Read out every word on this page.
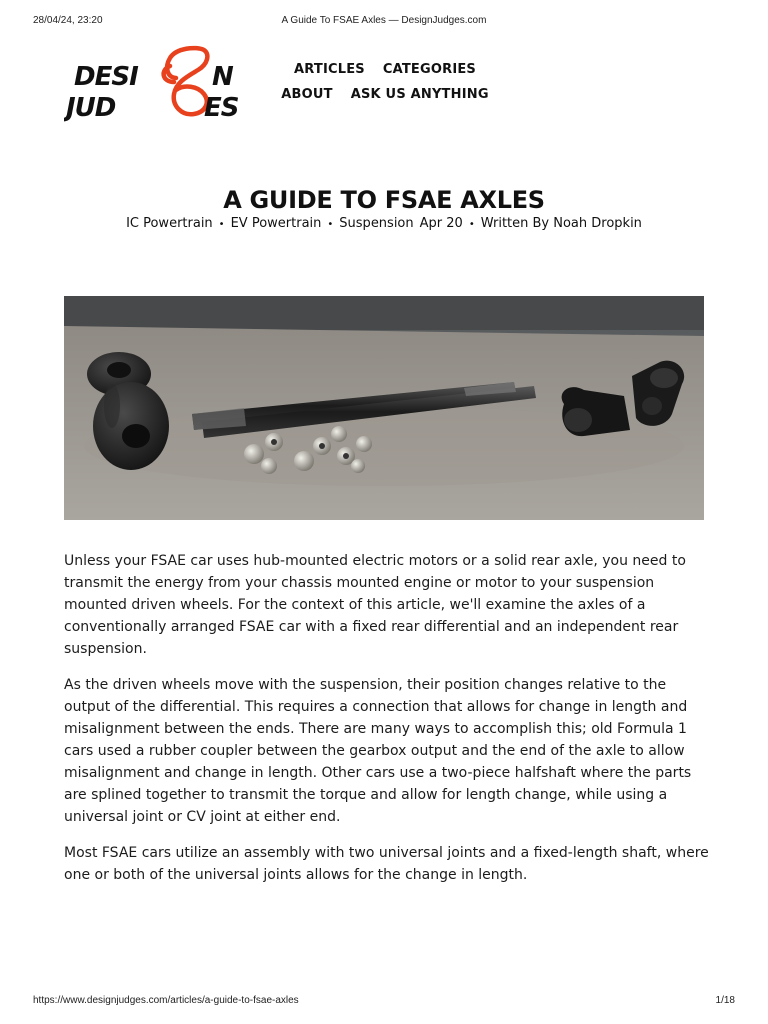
28/04/24, 23:20	A Guide To FSAE Axles — DesignJudges.com
DESI	N
JUD	ES
ARTICLES CATEGORIES
ABOUT ASK US ANYTHING
A GUIDE TO FSAE AXLES
IC Powertrain • EV Powertrain • Suspension Apr 20 • Written By Noah Dropkin

Unless your FSAE car uses hub-mounted electric motors or a solid rear axle, you need to transmit the energy from your chassis mounted engine or motor to your suspension mounted driven wheels. For the context of this article, we'll examine the axles of a conventionally arranged FSAE car with a fixed rear differential and an independent rear suspension.

As the driven wheels move with the suspension, their position changes relative to the output of the differential. This requires a connection that allows for change in length and misalignment between the ends. There are many ways to accomplish this; old Formula 1 cars used a rubber coupler between the gearbox output and the end of the axle to allow misalignment and change in length. Other cars use a two-piece halfshaft where the parts are splined together to transmit the torque and allow for length change, while using a universal joint or CV joint at either end.

Most FSAE cars utilize an assembly with two universal joints and a fixed-length shaft, where one or both of the universal joints allows for the change in length.

https://www.designjudges.com/articles/a-guide-to-fsae-axles	1/18
